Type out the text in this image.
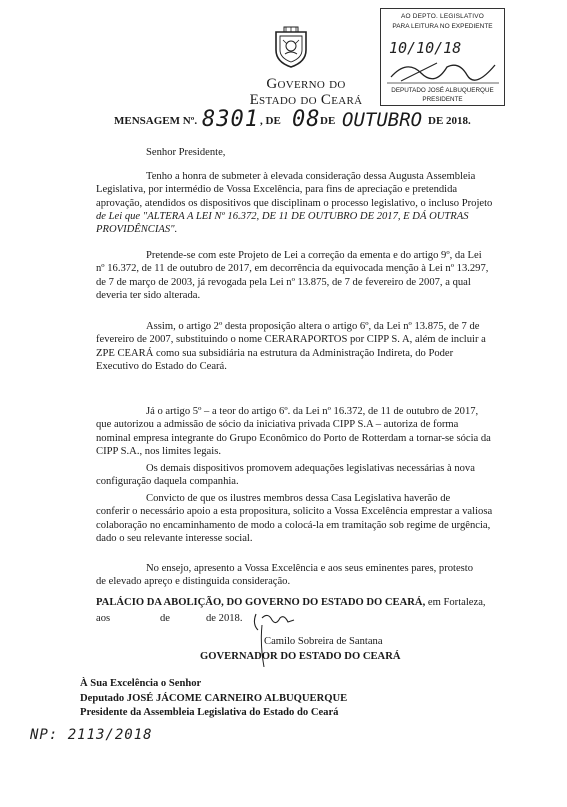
Governo do
Estado do Ceará
AO DEPTO. LEGISLATIVO
PARA LEITURA NO EXPEDIENTE
10/10/18
DEPUTADO JOSÉ ALBUQUERQUE
PRESIDENTE
MENSAGEM Nº. 8301 , DE 08 DE OUTUBRO DE 2018.
Senhor Presidente,
Tenho a honra de submeter à elevada consideração dessa Augusta Assembleia
Legislativa, por intermédio de Vossa Excelência, para fins de apreciação e pretendida
aprovação, atendidos os dispositivos que disciplinam o processo legislativo, o incluso Projeto
de Lei que "ALTERA A LEI Nº 16.372, DE 11 DE OUTUBRO DE 2017, E DÁ OUTRAS
PROVIDÊNCIAS".
Pretende-se com este Projeto de Lei a correção da ementa e do artigo 9º, da Lei
nº 16.372, de 11 de outubro de 2017, em decorrência da equivocada menção à Lei nº 13.297,
de 7 de março de 2003, já revogada pela Lei nº 13.875, de 7 de fevereiro de 2007, a qual
deveria ter sido alterada.
Assim, o artigo 2º desta proposição altera o artigo 6º, da Lei nº 13.875, de 7 de
fevereiro de 2007, substituindo o nome CERARAPORTOS por CIPP S. A, além de incluir a
ZPE CEARÁ como sua subsidiária na estrutura da Administração Indireta, do Poder
Executivo do Estado do Ceará.
Já o artigo 5º – a teor do artigo 6º. da Lei nº 16.372, de 11 de outubro de 2017,
que autorizou a admissão de sócio da iniciativa privada CIPP S.A – autoriza de forma
nominal empresa integrante do Grupo Econômico do Porto de Rotterdam a tornar-se sócia da
CIPP S.A., nos limites legais.
Os demais dispositivos promovem adequações legislativas necessárias à nova
configuração daquela companhia.
Convicto de que os ilustres membros dessa Casa Legislativa haverão de
conferir o necessário apoio a esta propositura, solicito a Vossa Excelência emprestar a valiosa
colaboração no encaminhamento de modo a colocá-la em tramitação sob regime de urgência,
dado o seu relevante interesse social.
No ensejo, apresento a Vossa Excelência e aos seus eminentes pares, protesto
de elevado apreço e distinguida consideração.
PALÁCIO DA ABOLIÇÃO, DO GOVERNO DO ESTADO DO CEARÁ, em Fortaleza,
aos	de	de 2018.
Camilo Sobreira de Santana
GOVERNADOR DO ESTADO DO CEARÁ
À Sua Excelência o Senhor
Deputado JOSÉ JÁCOME CARNEIRO ALBUQUERQUE
Presidente da Assembleia Legislativa do Estado do Ceará
NP: 2113/2018
